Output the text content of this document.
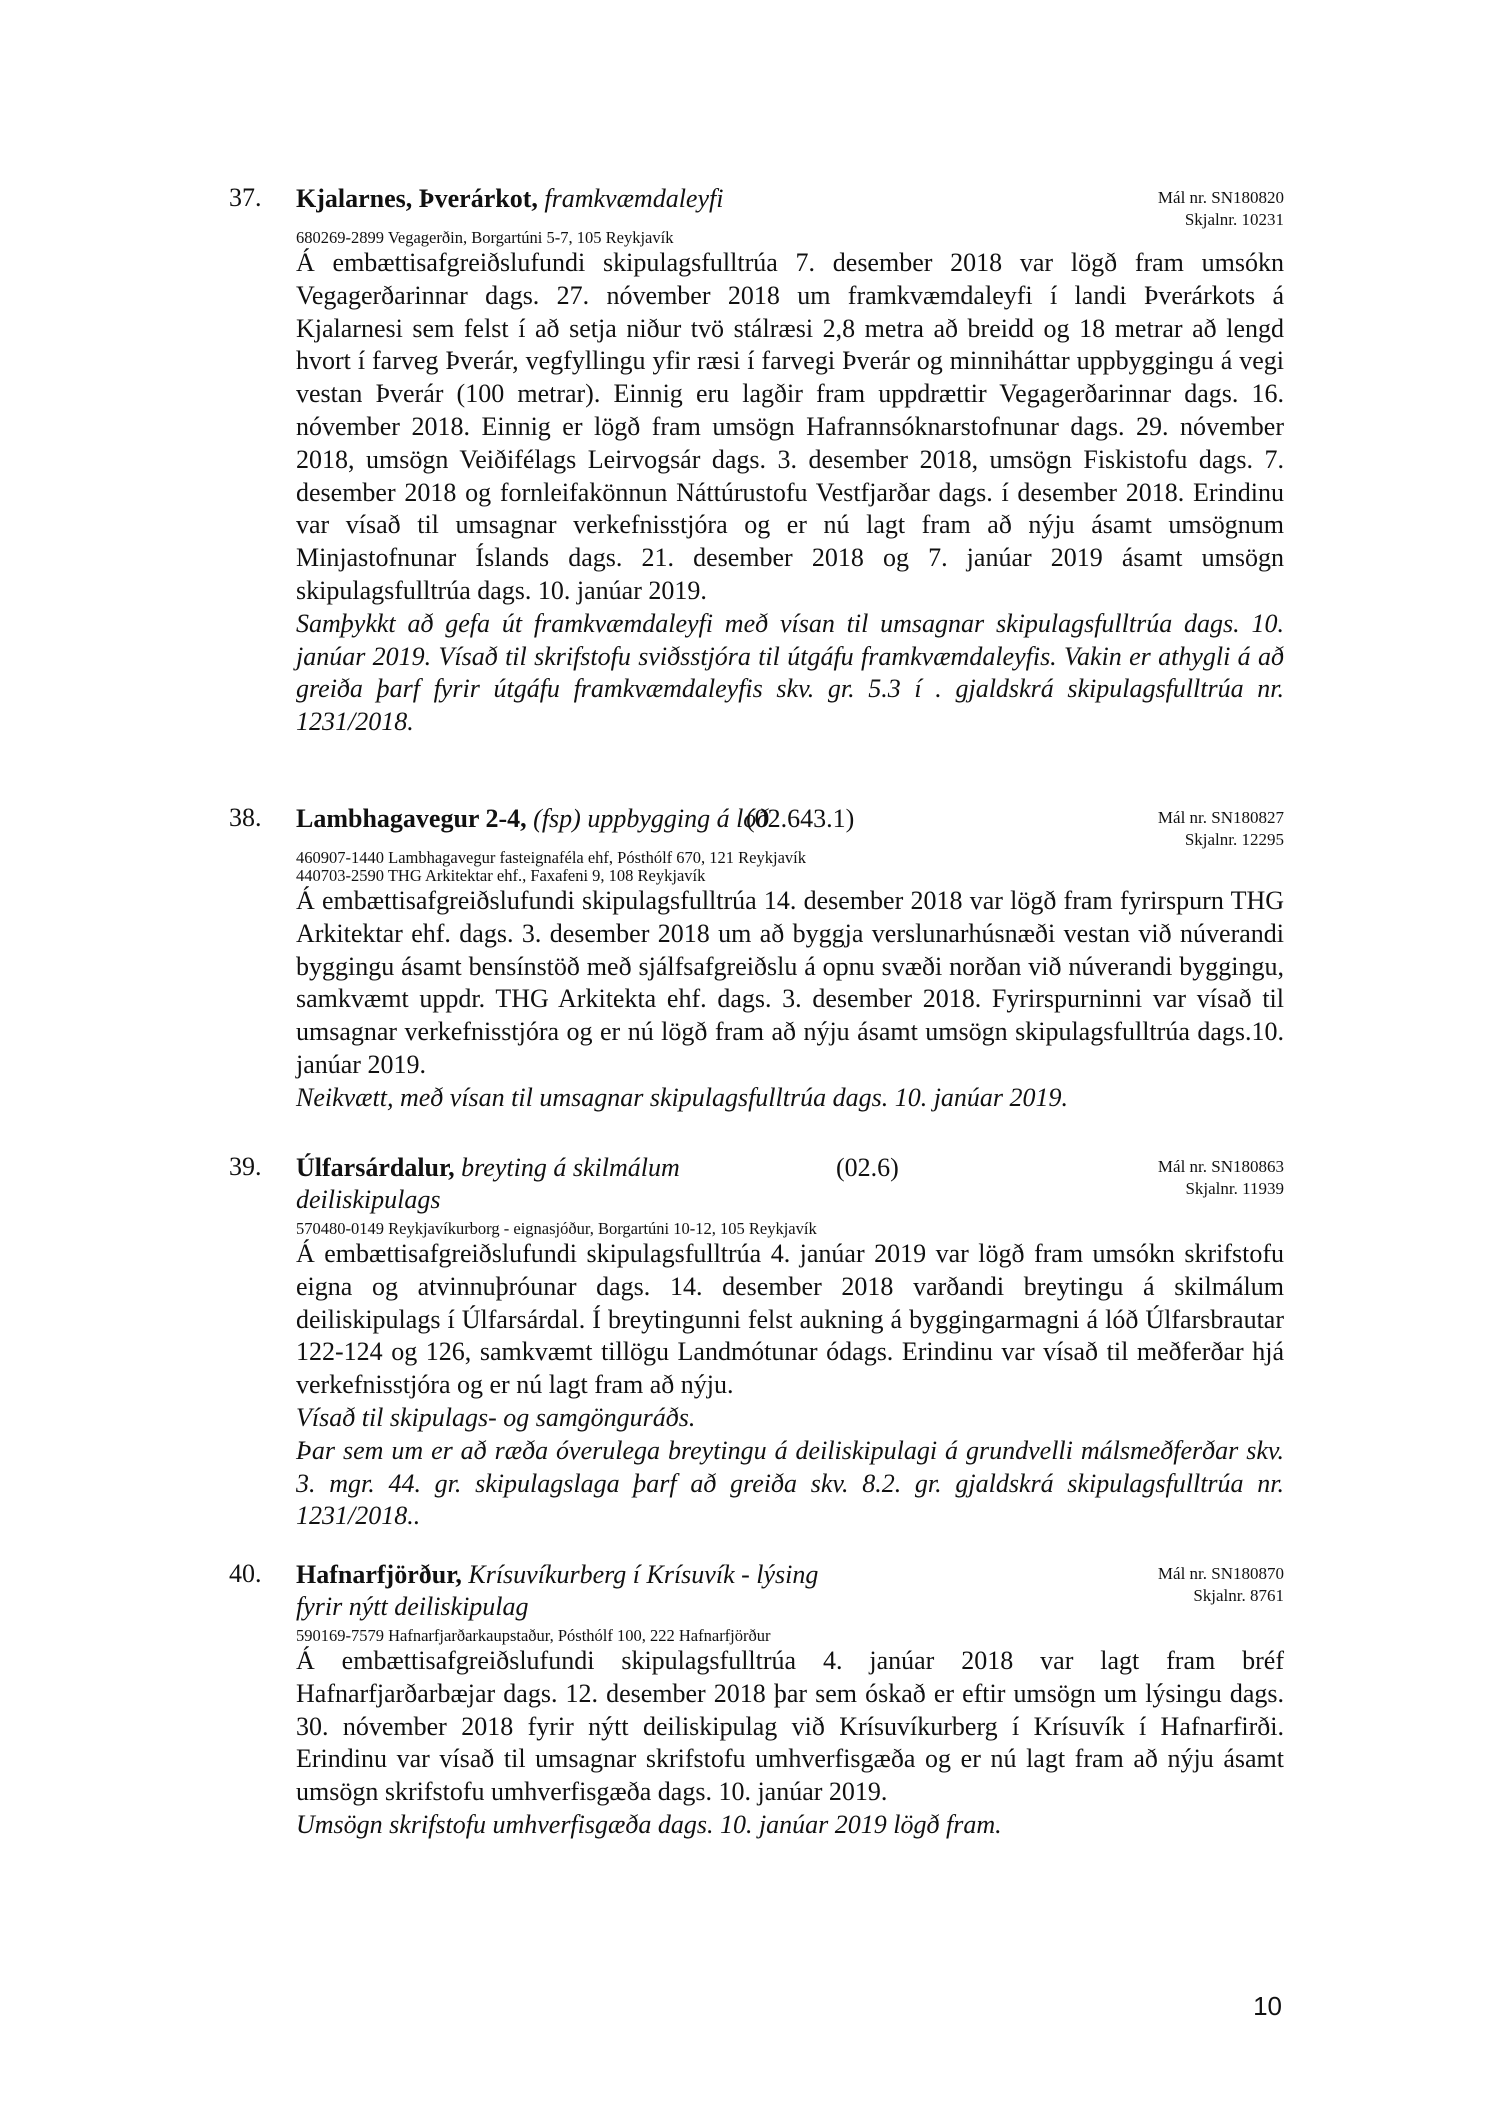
37. Kjalarnes, Þverárkot, framkvæmdaleyfi	Mál nr. SN180820
Skjalnr. 10231

680269-2899 Vegagerðin, Borgartúni 5-7, 105 Reykjavík

Á embættisafgreiðslufundi skipulagsfulltrúa 7. desember 2018 var lögð fram umsókn Vegagerðarinnar dags. 27. nóvember 2018 um framkvæmdaleyfi í landi Þverárkots á Kjalarnesi sem felst í að setja niður tvö stálræsi 2,8 metra að breidd og 18 metrar að lengd hvort í farveg Þverár, vegfyllingu yfir ræsi í farvegi Þverár og minniháttar uppbyggingu á vegi vestan Þverár (100 metrar). Einnig eru lagðir fram uppdrættir Vegagerðarinnar dags. 16. nóvember 2018. Einnig er lögð fram umsögn Hafrannsóknarstofnunar dags. 29. nóvember 2018, umsögn Veiðifélags Leirvogsár dags. 3. desember 2018, umsögn Fiskistofu dags. 7. desember 2018 og fornleifakönnun Náttúrustofu Vestfjarðar dags. í desember 2018. Erindinu var vísað til umsagnar verkefnisstjóra og er nú lagt fram að nýju ásamt umsögnum Minjastofnunar Íslands dags. 21. desember 2018 og 7. janúar 2019 ásamt umsögn skipulagsfulltrúa dags. 10. janúar 2019.

Samþykkt að gefa út framkvæmdaleyfi með vísan til umsagnar skipulagsfulltrúa dags. 10. janúar 2019. Vísað til skrifstofu sviðsstjóra til útgáfu framkvæmdaleyfis. Vakin er athygli á að greiða þarf fyrir útgáfu framkvæmdaleyfis skv. gr. 5.3 í . gjaldskrá skipulagsfulltrúa nr. 1231/2018.

38. Lambhagavegur 2-4, (fsp) uppbygging á lóð
(02.643.1)	Mál nr. SN180827
Skjalnr. 12295

460907-1440 Lambhagavegur fasteignaféla ehf, Pósthólf 670, 121 Reykjavík

440703-2590 THG Arkitektar ehf., Faxafeni 9, 108 Reykjavík

Á embættisafgreiðslufundi skipulagsfulltrúa 14. desember 2018 var lögð fram fyrirspurn THG Arkitektar ehf. dags. 3. desember 2018 um að byggja verslunarhúsnæði vestan við núverandi byggingu ásamt bensínstöð með sjálfsafgreiðslu á opnu svæði norðan við núverandi byggingu, samkvæmt uppdr. THG Arkitekta ehf. dags. 3. desember 2018. Fyrirspurninni var vísað til umsagnar verkefnisstjóra og er nú lögð fram að nýju ásamt umsögn skipulagsfulltrúa dags.10. janúar 2019.

Neikvætt, með vísan til umsagnar skipulagsfulltrúa dags. 10. janúar 2019.

39. Úlfarsárdalur, breyting á skilmálum deiliskipulags
(02.6)	Mál nr. SN180863
Skjalnr. 11939

570480-0149 Reykjavíkurborg - eignasjóður, Borgartúni 10-12, 105 Reykjavík

Á embættisafgreiðslufundi skipulagsfulltrúa 4. janúar 2019 var lögð fram umsókn skrifstofu eigna og atvinnuþróunar dags. 14. desember 2018 varðandi breytingu á skilmálum deiliskipulags í Úlfarsárdal. Í breytingunni felst aukning á byggingarmagni á lóð Úlfarsbrautar 122-124 og 126, samkvæmt tillögu Landmótunar ódags. Erindinu var vísað til meðferðar hjá verkefnisstjóra og er nú lagt fram að nýju.

Vísað til skipulags- og samgönguráðs.

Þar sem um er að ræða óverulega breytingu á deiliskipulagi á grundvelli málsmeðferðar skv. 3. mgr. 44. gr. skipulagslaga þarf að greiða skv. 8.2. gr. gjaldskrá skipulagsfulltrúa nr. 1231/2018..

40. Hafnarfjörður, Krísuvíkurberg í Krísuvík - lýsing fyrir nýtt deiliskipulag
Mál nr. SN180870
Skjalnr. 8761

590169-7579 Hafnarfjarðarkaupstaður, Pósthólf 100, 222 Hafnarfjörður

Á embættisafgreiðslufundi skipulagsfulltrúa 4. janúar 2018 var lagt fram bréf Hafnarfjarðarbæjar dags. 12. desember 2018 þar sem óskað er eftir umsögn um lýsingu dags. 30. nóvember 2018 fyrir nýtt deiliskipulag við Krísuvíkurberg í Krísuvík í Hafnarfirði. Erindinu var vísað til umsagnar skrifstofu umhverfisgæða og er nú lagt fram að nýju ásamt umsögn skrifstofu umhverfisgæða dags. 10. janúar 2019.

Umsögn skrifstofu umhverfisgæða dags. 10. janúar 2019 lögð fram.

10
